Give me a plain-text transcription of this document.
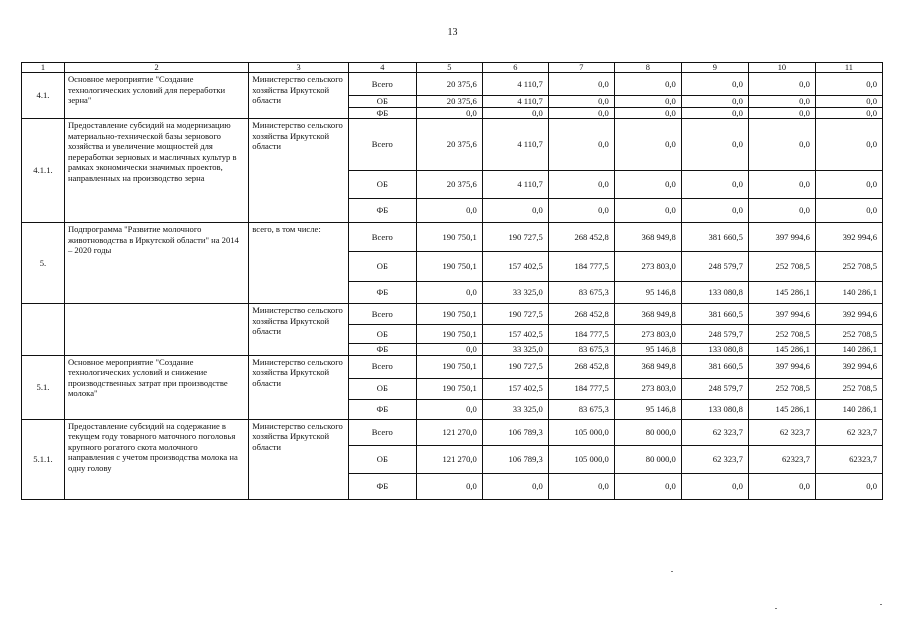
13
1	2	3	4	5	6	7	8	9	10	11
4.1.	Основное мероприятие "Создание технологических условий для переработки зерна"	Министерство сельского хозяйства Иркутской области	Всего	20 375,6	4 110,7	0,0	0,0	0,0	0,0	0,0
			ОБ	20 375,6	4 110,7	0,0	0,0	0,0	0,0	0,0
			ФБ	0,0	0,0	0,0	0,0	0,0	0,0	0,0
4.1.1.	Предоставление субсидий на модернизацию материально-технической базы зернового хозяйства и увеличение мощностей для переработки зерновых и масличных культур в рамках экономически значимых проектов, направленных на производство зерна	Министерство сельского хозяйства Иркутской области	Всего	20 375,6	4 110,7	0,0	0,0	0,0	0,0	0,0
			ОБ	20 375,6	4 110,7	0,0	0,0	0,0	0,0	0,0
			ФБ	0,0	0,0	0,0	0,0	0,0	0,0	0,0
5.	Подпрограмма "Развитие молочного животноводства в Иркутской области" на 2014 – 2020 годы	всего, в том числе:	Всего	190 750,1	190 727,5	268 452,8	368 949,8	381 660,5	397 994,6	392 994,6
			ОБ	190 750,1	157 402,5	184 777,5	273 803,0	248 579,7	252 708,5	252 708,5
			ФБ	0,0	33 325,0	83 675,3	95 146,8	133 080,8	145 286,1	140 286,1
		Министерство сельского хозяйства Иркутской области	Всего	190 750,1	190 727,5	268 452,8	368 949,8	381 660,5	397 994,6	392 994,6
			ОБ	190 750,1	157 402,5	184 777,5	273 803,0	248 579,7	252 708,5	252 708,5
			ФБ	0,0	33 325,0	83 675,3	95 146,8	133 080,8	145 286,1	140 286,1
5.1.	Основное мероприятие "Создание технологических условий и снижение производственных затрат при производстве молока"	Министерство сельского хозяйства Иркутской области	Всего	190 750,1	190 727,5	268 452,8	368 949,8	381 660,5	397 994,6	392 994,6
			ОБ	190 750,1	157 402,5	184 777,5	273 803,0	248 579,7	252 708,5	252 708,5
			ФБ	0,0	33 325,0	83 675,3	95 146,8	133 080,8	145 286,1	140 286,1
5.1.1.	Предоставление субсидий на содержание в текущем году товарного маточного поголовья крупного рогатого скота молочного направления с учетом производства молока на одну голову	Министерство сельского хозяйства Иркутской области	Всего	121 270,0	106 789,3	105 000,0	80 000,0	62 323,7	62 323,7	62 323,7
			ОБ	121 270,0	106 789,3	105 000,0	80 000,0	62 323,7	62323,7	62323,7
			ФБ	0,0	0,0	0,0	0,0	0,0	0,0	0,0
